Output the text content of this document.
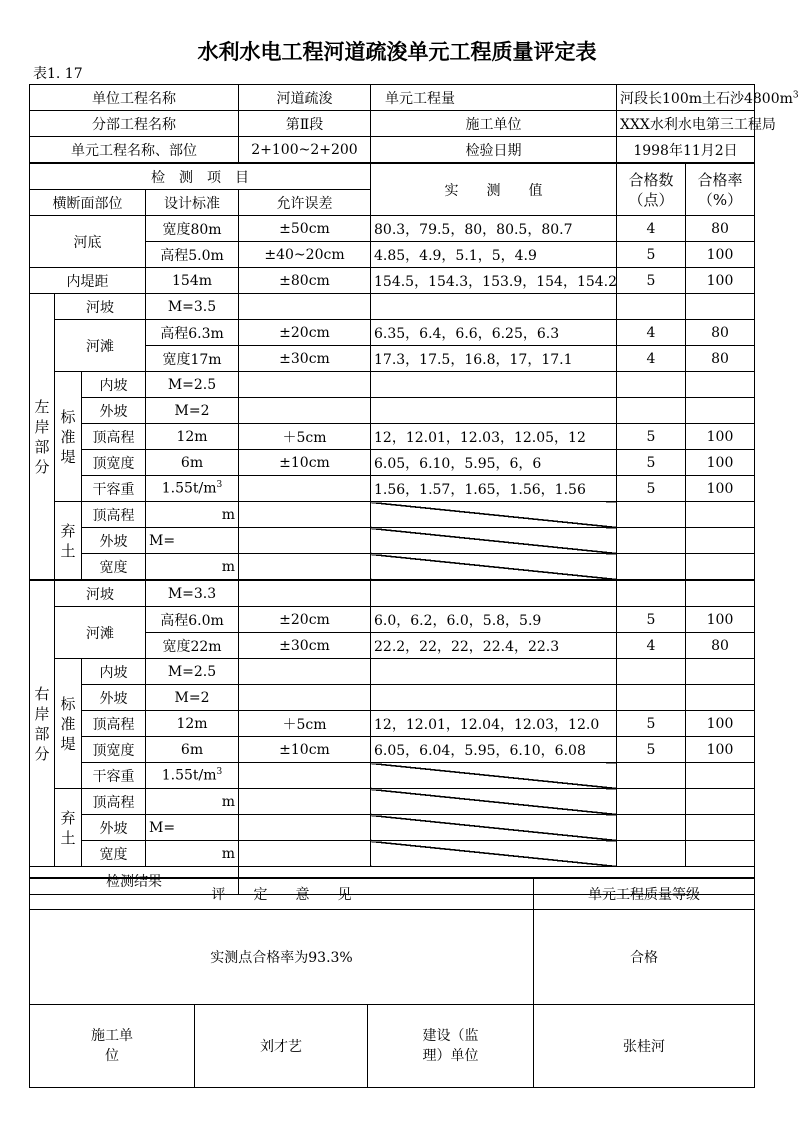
水利水电工程河道疏浚单元工程质量评定表
表1. 17
单位工程名称				河道疏浚	单元工程量	河段长100m土石沙$4800m^3$
分部工程名称				第Ⅱ段	施工单位	XXX水利水电第三工程局	
单元工程名称、部位				2+100~2+200	检验日期	1998年11月2日	
检　测　项　目					实　　测　　值	合格数（点）	合格率（%）
横断面部位			设计标准	允许误差			
河底			宽度80m	±50cm	80.3，79.5，80，80.5，80.7	4	80
			高程5.0m	±40~20cm	4.85，4.9，5.1，5，4.9	5	100
内堤距			154m	±80cm	154.5，154.3，153.9，154，154.2	5	100
左岸部分	河坡		M=3.5				
	河滩		高程6.3m	±20cm	6.35，6.4，6.6，6.25，6.3	4	80
			宽度17m	±30cm	17.3，17.5，16.8，17，17.1	4	80
	标准堤	内坡	M=2.5				
		外坡	M=2				
		顶高程	12m	＋5cm	12，12.01，12.03，12.05，12	5	100
		顶宽度	6m	±10cm	6.05，6.10，5.95，6，6	5	100
		干容重	$1.55t/m^3$		1.56，1.57，1.65，1.56，1.56	5	100
	弃土	顶高程	m				

		外坡	M=				
		宽度	m				

右岸部分	河坡		M=3.3				
	河滩		高程6.0m	±20cm	6.0，6.2，6.0，5.8，5.9	5	100
			宽度22m	±30cm	22.2，22，22，22.4，22.3	4	80
	标准堤	内坡	M=2.5				
		外坡	M=2				
		顶高程	12m	＋5cm	12，12.01，12.04，12.03，12.0	5	100
		顶宽度	6m	±10cm	6.05，6.04，5.95，6.10，6.08	5	100
		干容重	$1.55t/m^3$				
	弃土	顶高程	m				

		外坡	M=				
		宽度	m				

检测结果							
评　　定　　意　　见			单元工程质量等级
实测点合格率为93.3%			合格

施工单位	刘才艺	建设（监理）单位	张桂河
